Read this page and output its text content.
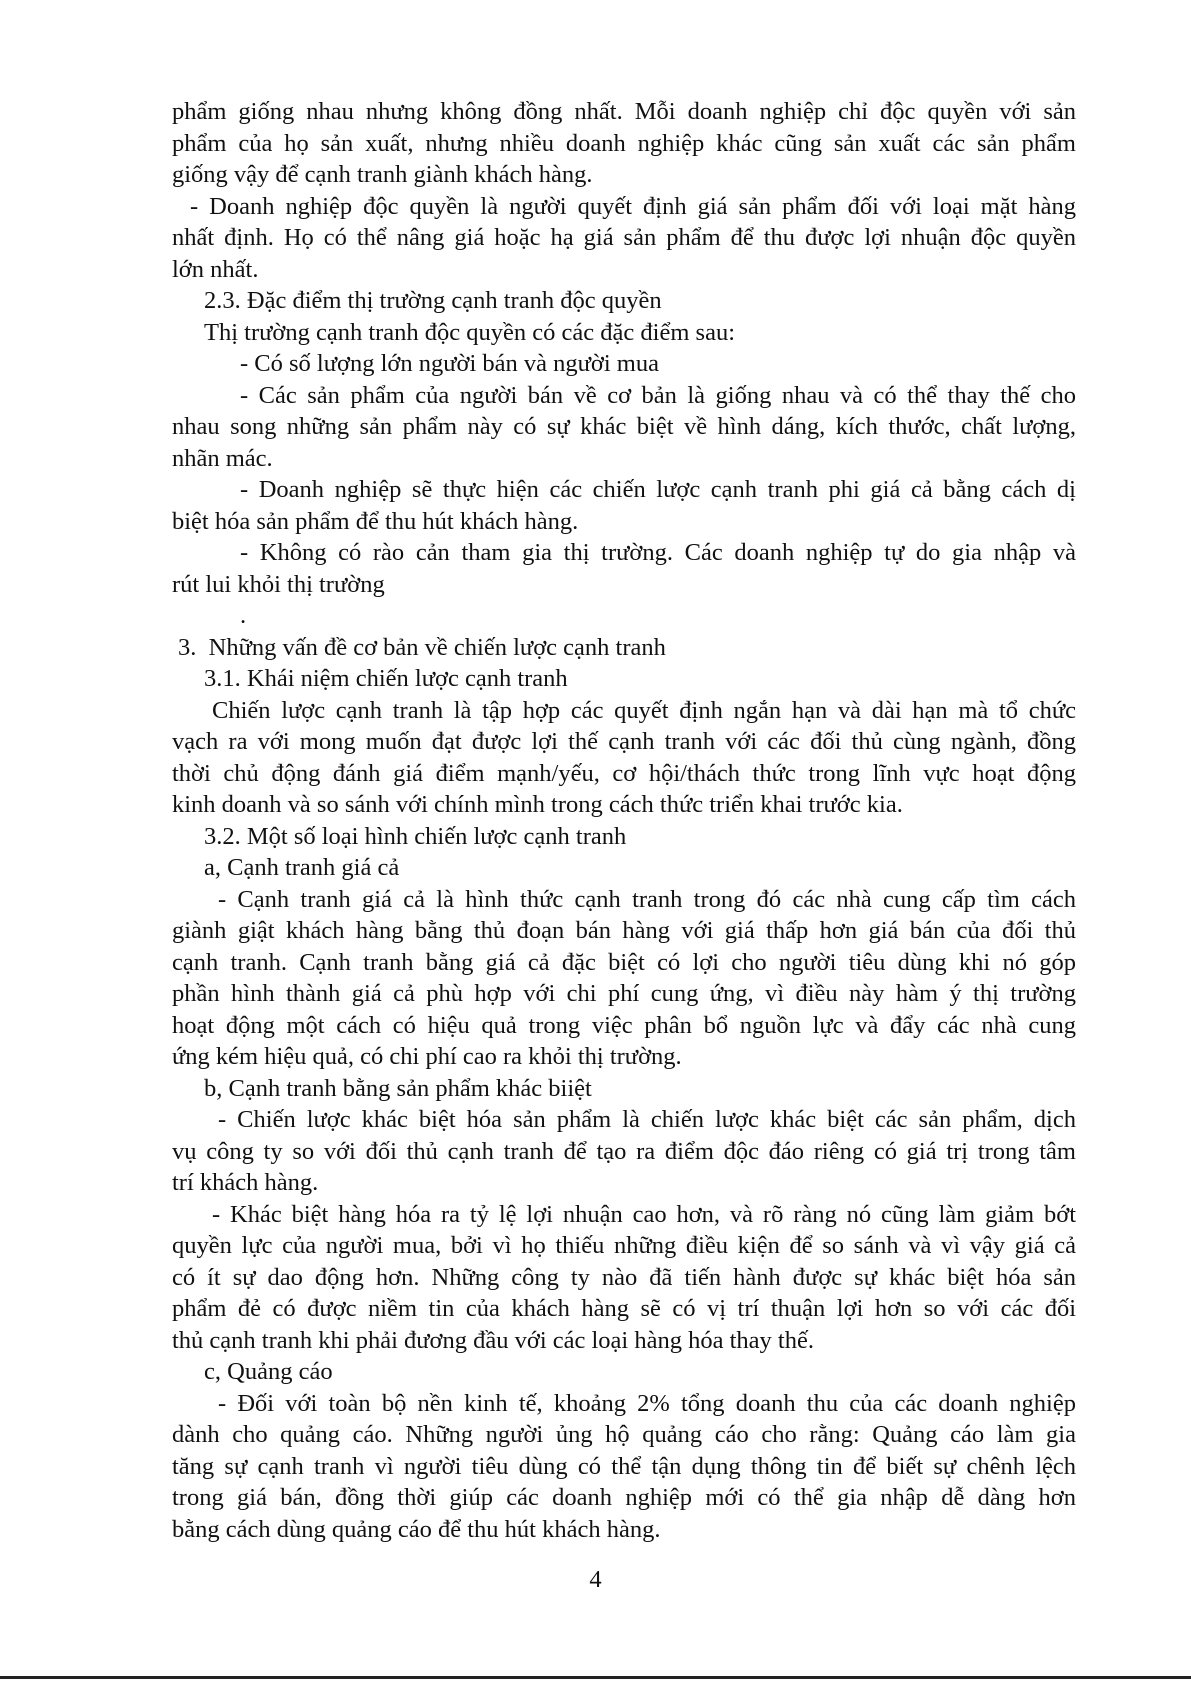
phẩm giống nhau nhưng không đồng nhất. Mỗi doanh nghiệp chỉ độc quyền với sản
phẩm của họ sản xuất, nhưng nhiều doanh nghiệp khác cũng sản xuất các sản phẩm
giống vậy để cạnh tranh giành khách hàng.
- Doanh nghiệp độc quyền là người quyết định giá sản phẩm đối với loại mặt hàng
nhất định. Họ có thể nâng giá hoặc hạ giá sản phẩm để thu được lợi nhuận độc quyền
lớn nhất.
2.3. Đặc điểm thị trường cạnh tranh độc quyền
Thị trường cạnh tranh độc quyền có các đặc điểm sau:
- Có số lượng lớn người bán và người mua
- Các sản phẩm của người bán về cơ bản là giống nhau và có thể thay thế cho
nhau song những sản phẩm này có sự khác biệt về hình dáng, kích thước, chất lượng,
nhãn mác.
- Doanh nghiệp sẽ thực hiện các chiến lược cạnh tranh phi giá cả bằng cách dị
biệt hóa sản phẩm để thu hút khách hàng.
- Không có rào cản tham gia thị trường. Các doanh nghiệp tự do gia nhập và
rút lui khỏi thị trường
.
3.  Những vấn đề cơ bản về chiến lược cạnh tranh
3.1. Khái niệm chiến lược cạnh tranh
Chiến lược cạnh tranh là tập hợp các quyết định ngắn hạn và dài hạn mà tổ chức
vạch ra với mong muốn đạt được lợi thế cạnh tranh với các đối thủ cùng ngành, đồng
thời chủ động đánh giá điểm mạnh/yếu, cơ hội/thách thức trong lĩnh vực hoạt động
kinh doanh và so sánh với chính mình trong cách thức triển khai trước kia.
3.2. Một số loại hình chiến lược cạnh tranh
a, Cạnh tranh giá cả
- Cạnh tranh giá cả là hình thức cạnh tranh trong đó các nhà cung cấp tìm cách
giành giật khách hàng bằng thủ đoạn bán hàng với giá thấp hơn giá bán của đối thủ
cạnh tranh. Cạnh tranh bằng giá cả đặc biệt có lợi cho người tiêu dùng khi nó góp
phần hình thành giá cả phù hợp với chi phí cung ứng, vì điều này hàm ý thị trường
hoạt động một cách có hiệu quả trong việc phân bổ nguồn lực và đẩy các nhà cung
ứng kém hiệu quả, có chi phí cao ra khỏi thị trường.
b, Cạnh tranh bằng sản phẩm khác biiệt
- Chiến lược khác biệt hóa sản phẩm là chiến lược khác biệt các sản phẩm, dịch
vụ công ty so với đối thủ cạnh tranh để tạo ra điểm độc đáo riêng có giá trị trong tâm
trí khách hàng.
- Khác biệt hàng hóa ra tỷ lệ lợi nhuận cao hơn, và rõ ràng nó cũng làm giảm bớt
quyền lực của người mua, bởi vì họ thiếu những điều kiện để so sánh và vì vậy giá cả
có ít sự dao động hơn. Những công ty nào đã tiến hành được sự khác biệt hóa sản
phẩm đẻ có được niềm tin của khách hàng sẽ có vị trí thuận lợi hơn so với các đối
thủ cạnh tranh khi phải đương đầu với các loại hàng hóa thay thế.
c, Quảng cáo
- Đối với toàn bộ nền kinh tế, khoảng 2% tổng doanh thu của các doanh nghiệp
dành cho quảng cáo. Những người ủng hộ quảng cáo cho rằng: Quảng cáo làm gia
tăng sự cạnh tranh vì người tiêu dùng có thể tận dụng thông tin để biết sự chênh lệch
trong giá bán, đồng thời giúp các doanh nghiệp mới có thể gia nhập dễ dàng hơn
bằng cách dùng quảng cáo để thu hút khách hàng.
4
